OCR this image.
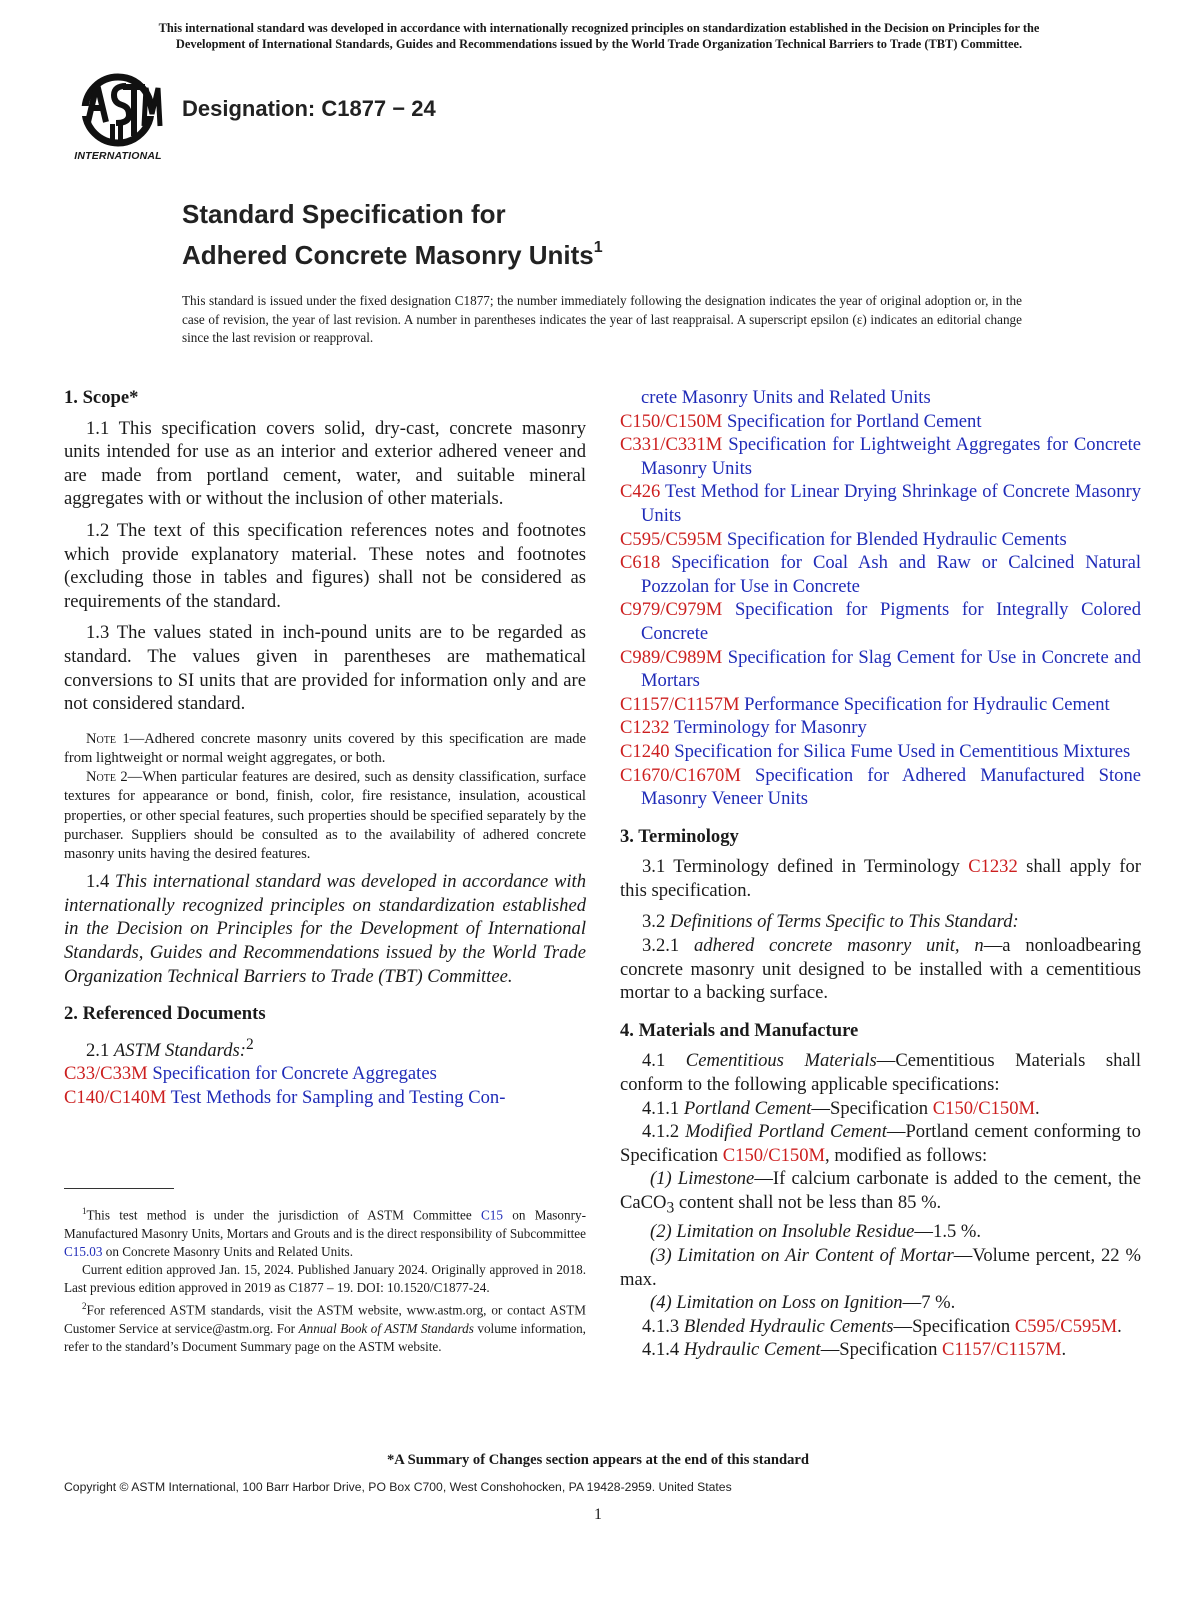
This international standard was developed in accordance with internationally recognized principles on standardization established in the Decision on Principles for the
Development of International Standards, Guides and Recommendations issued by the World Trade Organization Technical Barriers to Trade (TBT) Committee.
INTERNATIONAL
Designation: C1877 − 24
Standard Specification for
Adhered Concrete Masonry Units$^1$
This standard is issued under the fixed designation C1877; the number immediately following the designation indicates the year of original adoption or, in the case of revision, the year of last revision. A number in parentheses indicates the year of last reappraisal. A superscript epsilon (ε) indicates an editorial change since the last revision or reapproval.
1. Scope*

1.1 This specification covers solid, dry-cast, concrete masonry units intended for use as an interior and exterior adhered veneer and are made from portland cement, water, and suitable mineral aggregates with or without the inclusion of other materials.

1.2 The text of this specification references notes and footnotes which provide explanatory material. These notes and footnotes (excluding those in tables and figures) shall not be considered as requirements of the standard.

1.3 The values stated in inch-pound units are to be regarded as standard. The values given in parentheses are mathematical conversions to SI units that are provided for information only and are not considered standard.

Note 1—Adhered concrete masonry units covered by this specification are made from lightweight or normal weight aggregates, or both.

Note 2—When particular features are desired, such as density classification, surface textures for appearance or bond, finish, color, fire resistance, insulation, acoustical properties, or other special features, such properties should be specified separately by the purchaser. Suppliers should be consulted as to the availability of adhered concrete masonry units having the desired features.

1.4 This international standard was developed in accordance with internationally recognized principles on standardization established in the Decision on Principles for the Development of International Standards, Guides and Recommendations issued by the World Trade Organization Technical Barriers to Trade (TBT) Committee.

2. Referenced Documents

2.1 ASTM Standards:$^2$

C33/C33M Specification for Concrete Aggregates

C140/C140M Test Methods for Sampling and Testing Con-

$^1$This test method is under the jurisdiction of ASTM Committee C15 on Masonry-Manufactured Masonry Units, Mortars and Grouts and is the direct responsibility of Subcommittee C15.03 on Concrete Masonry Units and Related Units.

Current edition approved Jan. 15, 2024. Published January 2024. Originally approved in 2018. Last previous edition approved in 2019 as C1877 – 19. DOI: 10.1520/C1877-24.

$^2$For referenced ASTM standards, visit the ASTM website, www.astm.org, or contact ASTM Customer Service at service@astm.org. For Annual Book of ASTM Standards volume information, refer to the standard’s Document Summary page on the ASTM website.

crete Masonry Units and Related Units

C150/C150M Specification for Portland Cement

C331/C331M Specification for Lightweight Aggregates for Concrete Masonry Units

C426 Test Method for Linear Drying Shrinkage of Concrete Masonry Units

C595/C595M Specification for Blended Hydraulic Cements

C618 Specification for Coal Ash and Raw or Calcined Natural Pozzolan for Use in Concrete

C979/C979M Specification for Pigments for Integrally Colored Concrete

C989/C989M Specification for Slag Cement for Use in Concrete and Mortars

C1157/C1157M Performance Specification for Hydraulic Cement

C1232 Terminology for Masonry

C1240 Specification for Silica Fume Used in Cementitious Mixtures

C1670/C1670M Specification for Adhered Manufactured Stone Masonry Veneer Units

3. Terminology

3.1 Terminology defined in Terminology C1232 shall apply for this specification.

3.2 Definitions of Terms Specific to This Standard:

3.2.1 adhered concrete masonry unit, n—a nonloadbearing concrete masonry unit designed to be installed with a cementitious mortar to a backing surface.

4. Materials and Manufacture

4.1 Cementitious Materials—Cementitious Materials shall conform to the following applicable specifications:

4.1.1 Portland Cement—Specification C150/C150M.

4.1.2 Modified Portland Cement—Portland cement conforming to Specification C150/C150M, modified as follows:

(1) Limestone—If calcium carbonate is added to the cement, the CaCO$_3$ content shall not be less than 85 %.

(2) Limitation on Insoluble Residue—1.5 %.

(3) Limitation on Air Content of Mortar—Volume percent, 22 % max.

(4) Limitation on Loss on Ignition—7 %.

4.1.3 Blended Hydraulic Cements—Specification C595/C595M.

4.1.4 Hydraulic Cement—Specification C1157/C1157M.

*A Summary of Changes section appears at the end of this standard
Copyright © ASTM International, 100 Barr Harbor Drive, PO Box C700, West Conshohocken, PA 19428-2959. United States
1
